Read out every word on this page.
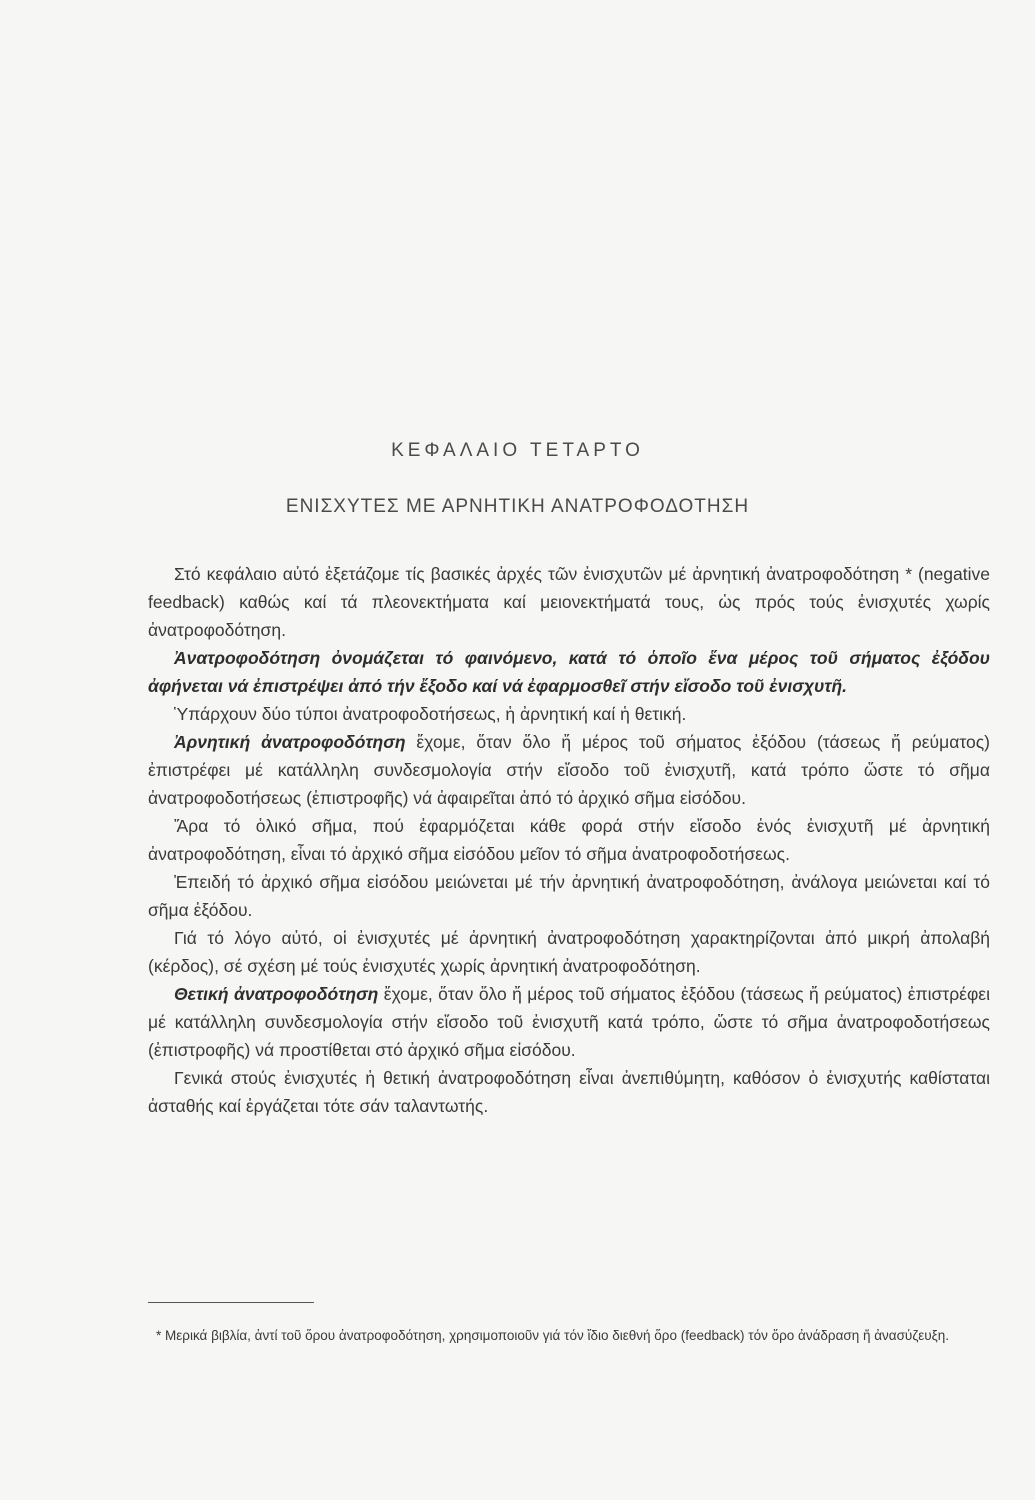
ΚΕΦΑΛΑΙΟ ΤΕΤΑΡΤΟ
ΕΝΙΣΧΥΤΕΣ ΜΕ ΑΡΝΗΤΙΚΗ ΑΝΑΤΡΟΦΟΔΟΤΗΣΗ

Στό κεφάλαιο αὐτό ἐξετάζομε τίς βασικές ἀρχές τῶν ἐνισχυτῶν μέ ἀρνητική ἀνατροφοδότηση * (negative feedback) καθώς καί τά πλεονεκτήματα καί μειονεκτήματά τους, ὡς πρός τούς ἐνισχυτές χωρίς ἀνατροφοδότηση.

Ἀνατροφοδότηση ὀνομάζεται τό φαινόμενο, κατά τό ὁποῖο ἕνα μέρος τοῦ σήματος ἐξόδου ἀφήνεται νά ἐπιστρέψει ἀπό τήν ἔξοδο καί νά ἐφαρμοσθεῖ στήν εἴσοδο τοῦ ἐνισχυτῆ.

Ὑπάρχουν δύο τύποι ἀνατροφοδοτήσεως, ἡ ἀρνητική καί ἡ θετική.

Ἀρνητική ἀνατροφοδότηση ἔχομε, ὅταν ὅλο ἤ μέρος τοῦ σήματος ἐξόδου (τάσεως ἤ ρεύματος) ἐπιστρέφει μέ κατάλληλη συνδεσμολογία στήν εἴσοδο τοῦ ἐνισχυτῆ, κατά τρόπο ὥστε τό σῆμα ἀνατροφοδοτήσεως (ἐπιστροφῆς) νά ἀφαιρεῖται ἀπό τό ἀρχικό σῆμα εἰσόδου.

Ἄρα τό ὁλικό σῆμα, πού ἐφαρμόζεται κάθε φορά στήν εἴσοδο ἑνός ἐνισχυτῆ μέ ἀρνητική ἀνατροφοδότηση, εἶναι τό ἀρχικό σῆμα εἰσόδου μεῖον τό σῆμα ἀνατροφοδοτήσεως.

Ἐπειδή τό ἀρχικό σῆμα εἰσόδου μειώνεται μέ τήν ἀρνητική ἀνατροφοδότηση, ἀνάλογα μειώνεται καί τό σῆμα ἐξόδου.

Γιά τό λόγο αὐτό, οἱ ἐνισχυτές μέ ἀρνητική ἀνατροφοδότηση χαρακτηρίζονται ἀπό μικρή ἀπολαβή (κέρδος), σέ σχέση μέ τούς ἐνισχυτές χωρίς ἀρνητική ἀνατροφοδότηση.

Θετική ἀνατροφοδότηση ἔχομε, ὅταν ὅλο ἤ μέρος τοῦ σήματος ἐξόδου (τάσεως ἤ ρεύματος) ἐπιστρέφει μέ κατάλληλη συνδεσμολογία στήν εἴσοδο τοῦ ἐνισχυτῆ κατά τρόπο, ὥστε τό σῆμα ἀνατροφοδοτήσεως (ἐπιστροφῆς) νά προστίθεται στό ἀρχικό σῆμα εἰσόδου.

Γενικά στούς ἐνισχυτές ἡ θετική ἀνατροφοδότηση εἶναι ἀνεπιθύμητη, καθόσον ὁ ἐνισχυτής καθίσταται ἀσταθής καί ἐργάζεται τότε σάν ταλαντωτής.

* Μερικά βιβλία, ἀντί τοῦ ὅρου ἀνατροφοδότηση, χρησιμοποιοῦν γιά τόν ἴδιο διεθνή ὅρο (feedback) τόν ὅρο ἀνάδραση ἤ ἀνασύζευξη.
